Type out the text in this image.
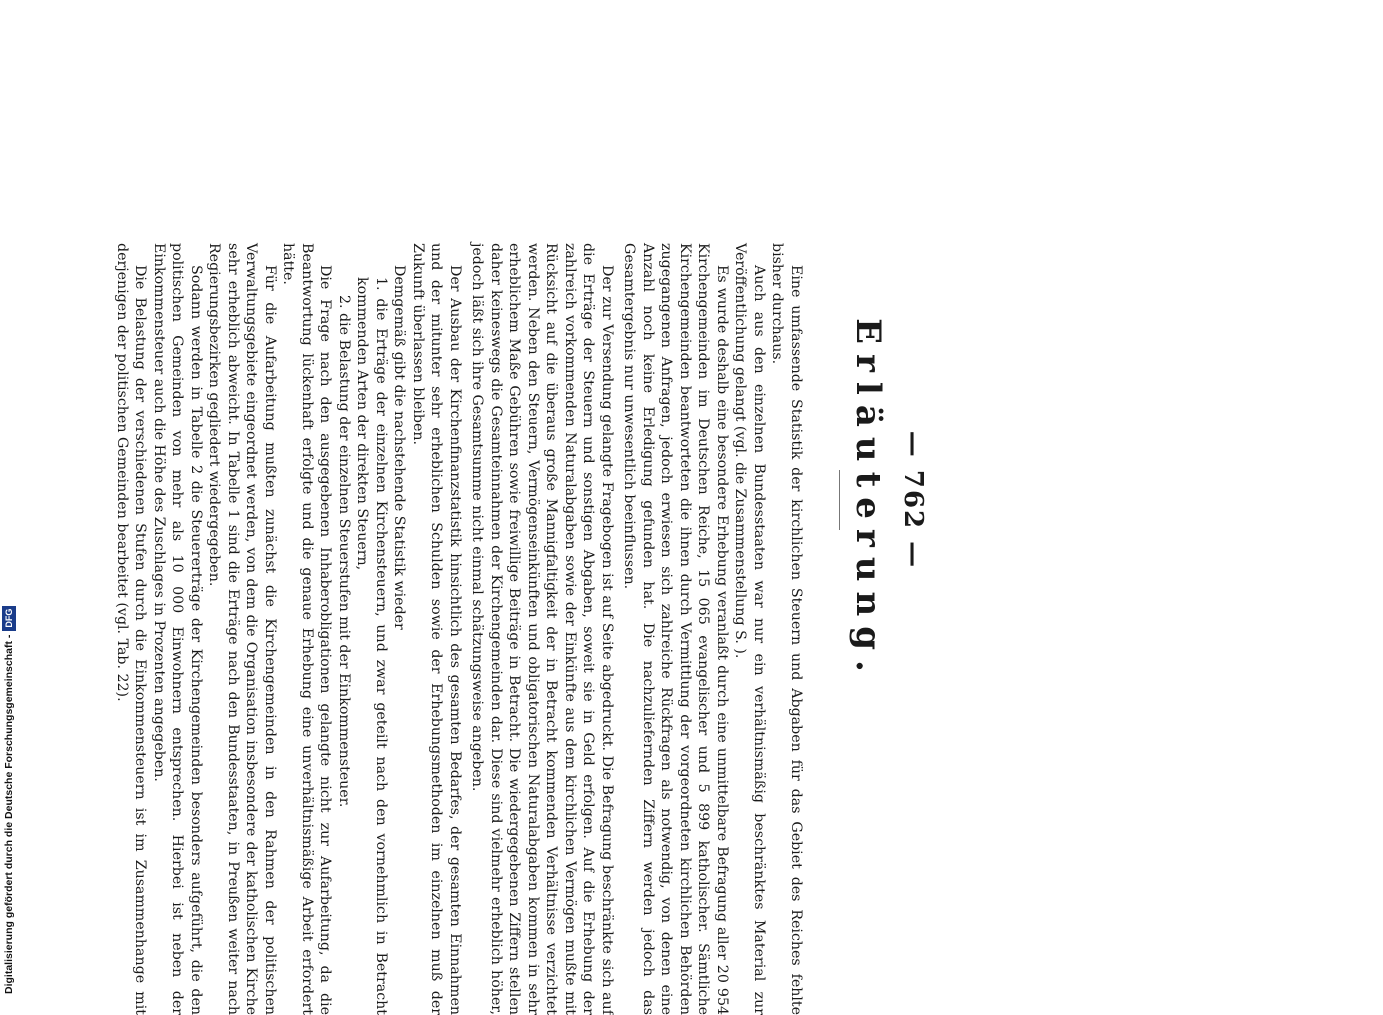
— 762 —
Erläuterung.

Eine umfassende Statistik der kirchlichen Steuern und Abgaben für das Gebiet des Reiches fehlte bisher durchaus.

Auch aus den einzelnen Bundesstaaten war nur ein verhältnismäßig beschränktes Material zur Veröffentlichung gelangt (vgl. die Zusammenstellung S. ).

Es wurde deshalb eine besondere Erhebung veranlaßt durch eine unmittelbare Befragung aller 20 954 Kirchengemeinden im Deutschen Reiche, 15 065 evangelischer und 5 899 katholischer. Sämtliche Kirchengemeinden beantworteten die ihnen durch Vermittlung der vorgeordneten kirchlichen Behörden zugegangenen Anfragen, jedoch erwiesen sich zahlreiche Rückfragen als notwendig, von denen eine Anzahl noch keine Erledigung gefunden hat. Die nachzuliefernden Ziffern werden jedoch das Gesamtergebnis nur unwesentlich beeinflussen.

Der zur Versendung gelangte Fragebogen ist auf Seite abgedruckt. Die Befragung beschränkte sich auf die Erträge der Steuern und sonstigen Abgaben, soweit sie in Geld erfolgen. Auf die Erhebung der zahlreich vorkommenden Naturalabgaben sowie der Einkünfte aus dem kirchlichen Vermögen mußte mit Rücksicht auf die überaus große Mannigfaltigkeit der in Betracht kommenden Verhältnisse verzichtet werden. Neben den Steuern, Vermögenseinkünften und obligatorischen Naturalabgaben kommen in sehr erheblichem Maße Gebühren sowie freiwillige Beiträge in Betracht. Die wiedergegebenen Ziffern stellen daher keineswegs die Gesamteinnahmen der Kirchengemeinden dar. Diese sind vielmehr erheblich höher, jedoch läßt sich ihre Gesamtsumme nicht einmal schätzungsweise angeben.

Der Ausbau der Kirchenfinanzstatistik hinsichtlich des gesamten Bedarfes, der gesamten Einnahmen und der mitunter sehr erheblichen Schulden sowie der Erhebungsmethoden im einzelnen muß der Zukunft überlassen bleiben.

Demgemäß gibt die nachstehende Statistik wieder

1. die Erträge der einzelnen Kirchensteuern, und zwar geteilt nach den vornehmlich in Betracht kommenden Arten der direkten Steuern,

2. die Belastung der einzelnen Steuerstufen mit der Einkommensteuer.

Die Frage nach den ausgegebenen Inhaberobligationen gelangte nicht zur Aufarbeitung, da die Beantwortung lückenhaft erfolgte und die genaue Erhebung eine unverhältnismäßige Arbeit erfordert hätte.

Für die Aufarbeitung mußten zunächst die Kirchengemeinden in den Rahmen der politischen Verwaltungsgebiete eingeordnet werden, von dem die Organisation insbesondere der katholischen Kirche sehr erheblich abweicht. In Tabelle 1 sind die Erträge nach den Bundesstaaten, in Preußen weiter nach Regierungsbezirken gegliedert wiedergegeben.

Sodann werden in Tabelle 2 die Steuererträge der Kirchengemeinden besonders aufgeführt, die den politischen Gemeinden von mehr als 10 000 Einwohnern entsprechen. Hierbei ist neben der Einkommensteuer auch die Höhe des Zuschlages in Prozenten angegeben.

Die Belastung der verschiedenen Stufen durch die Einkommensteuern ist im Zusammenhange mit derjenigen der politischen Gemeinden bearbeitet (vgl. Tab. 22).

Digitalisierung gefördert durch die Deutsche Forschungsgemeinschaft -DFG
